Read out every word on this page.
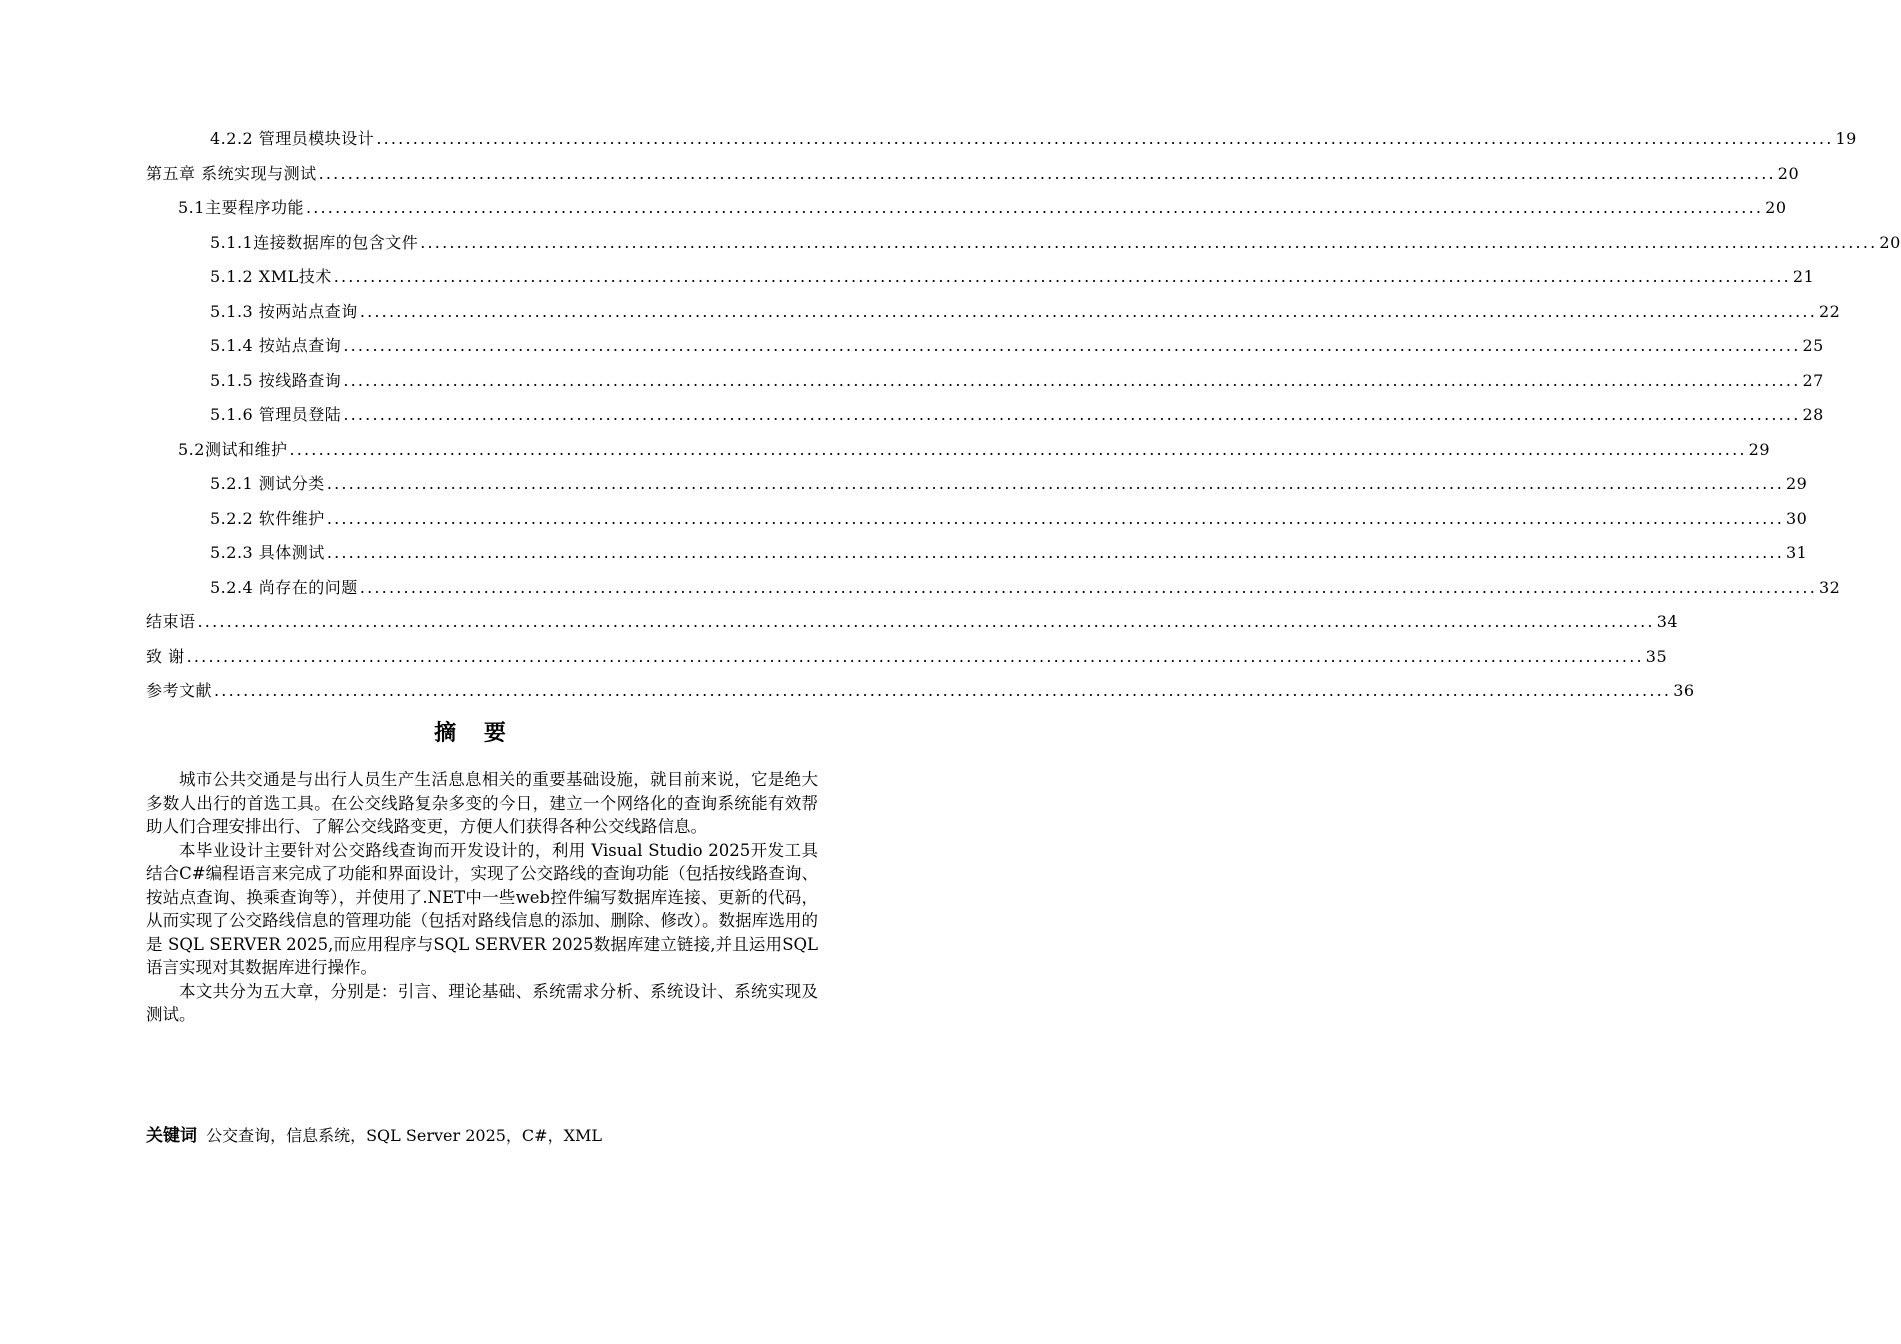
4.2.2 管理员模块设计 ........................................................................................................................................................................................................ 19
第五章 系统实现与测试 ........................................................................................................................................................................................................ 20
5.1主要程序功能 ........................................................................................................................................................................................................ 20
5.1.1连接数据库的包含文件 ........................................................................................................................................................................................................ 20
5.1.2 XML技术 ........................................................................................................................................................................................................ 21
5.1.3 按两站点查询 ........................................................................................................................................................................................................ 22
5.1.4 按站点查询 ........................................................................................................................................................................................................ 25
5.1.5 按线路查询 ........................................................................................................................................................................................................ 27
5.1.6 管理员登陆 ........................................................................................................................................................................................................ 28
5.2测试和维护 ........................................................................................................................................................................................................ 29
5.2.1 测试分类 ........................................................................................................................................................................................................ 29
5.2.2 软件维护 ........................................................................................................................................................................................................ 30
5.2.3 具体测试 ........................................................................................................................................................................................................ 31
5.2.4 尚存在的问题 ........................................................................................................................................................................................................ 32
结束语 ........................................................................................................................................................................................................ 34
致 谢 ........................................................................................................................................................................................................ 35
参考文献 ........................................................................................................................................................................................................ 36
摘 要

城市公共交通是与出行人员生产生活息息相关的重要基础设施，就目前来说，它是绝大多数人出行的首选工具。在公交线路复杂多变的今日，建立一个网络化的查询系统能有效帮助人们合理安排出行、了解公交线路变更，方便人们获得各种公交线路信息。

本毕业设计主要针对公交路线查询而开发设计的，利用 Visual Studio 2025开发工具结合C#编程语言来完成了功能和界面设计，实现了公交路线的查询功能（包括按线路查询、按站点查询、换乘查询等），并使用了.NET中一些web控件编写数据库连接、更新的代码，从而实现了公交路线信息的管理功能（包括对路线信息的添加、删除、修改）。数据库选用的是 SQL SERVER 2025,而应用程序与SQL SERVER 2025数据库建立链接,并且运用SQL 语言实现对其数据库进行操作。

本文共分为五大章，分别是：引言、理论基础、系统需求分析、系统设计、系统实现及测试。

关键词 公交查询，信息系统，SQL Server 2025，C#，XML
